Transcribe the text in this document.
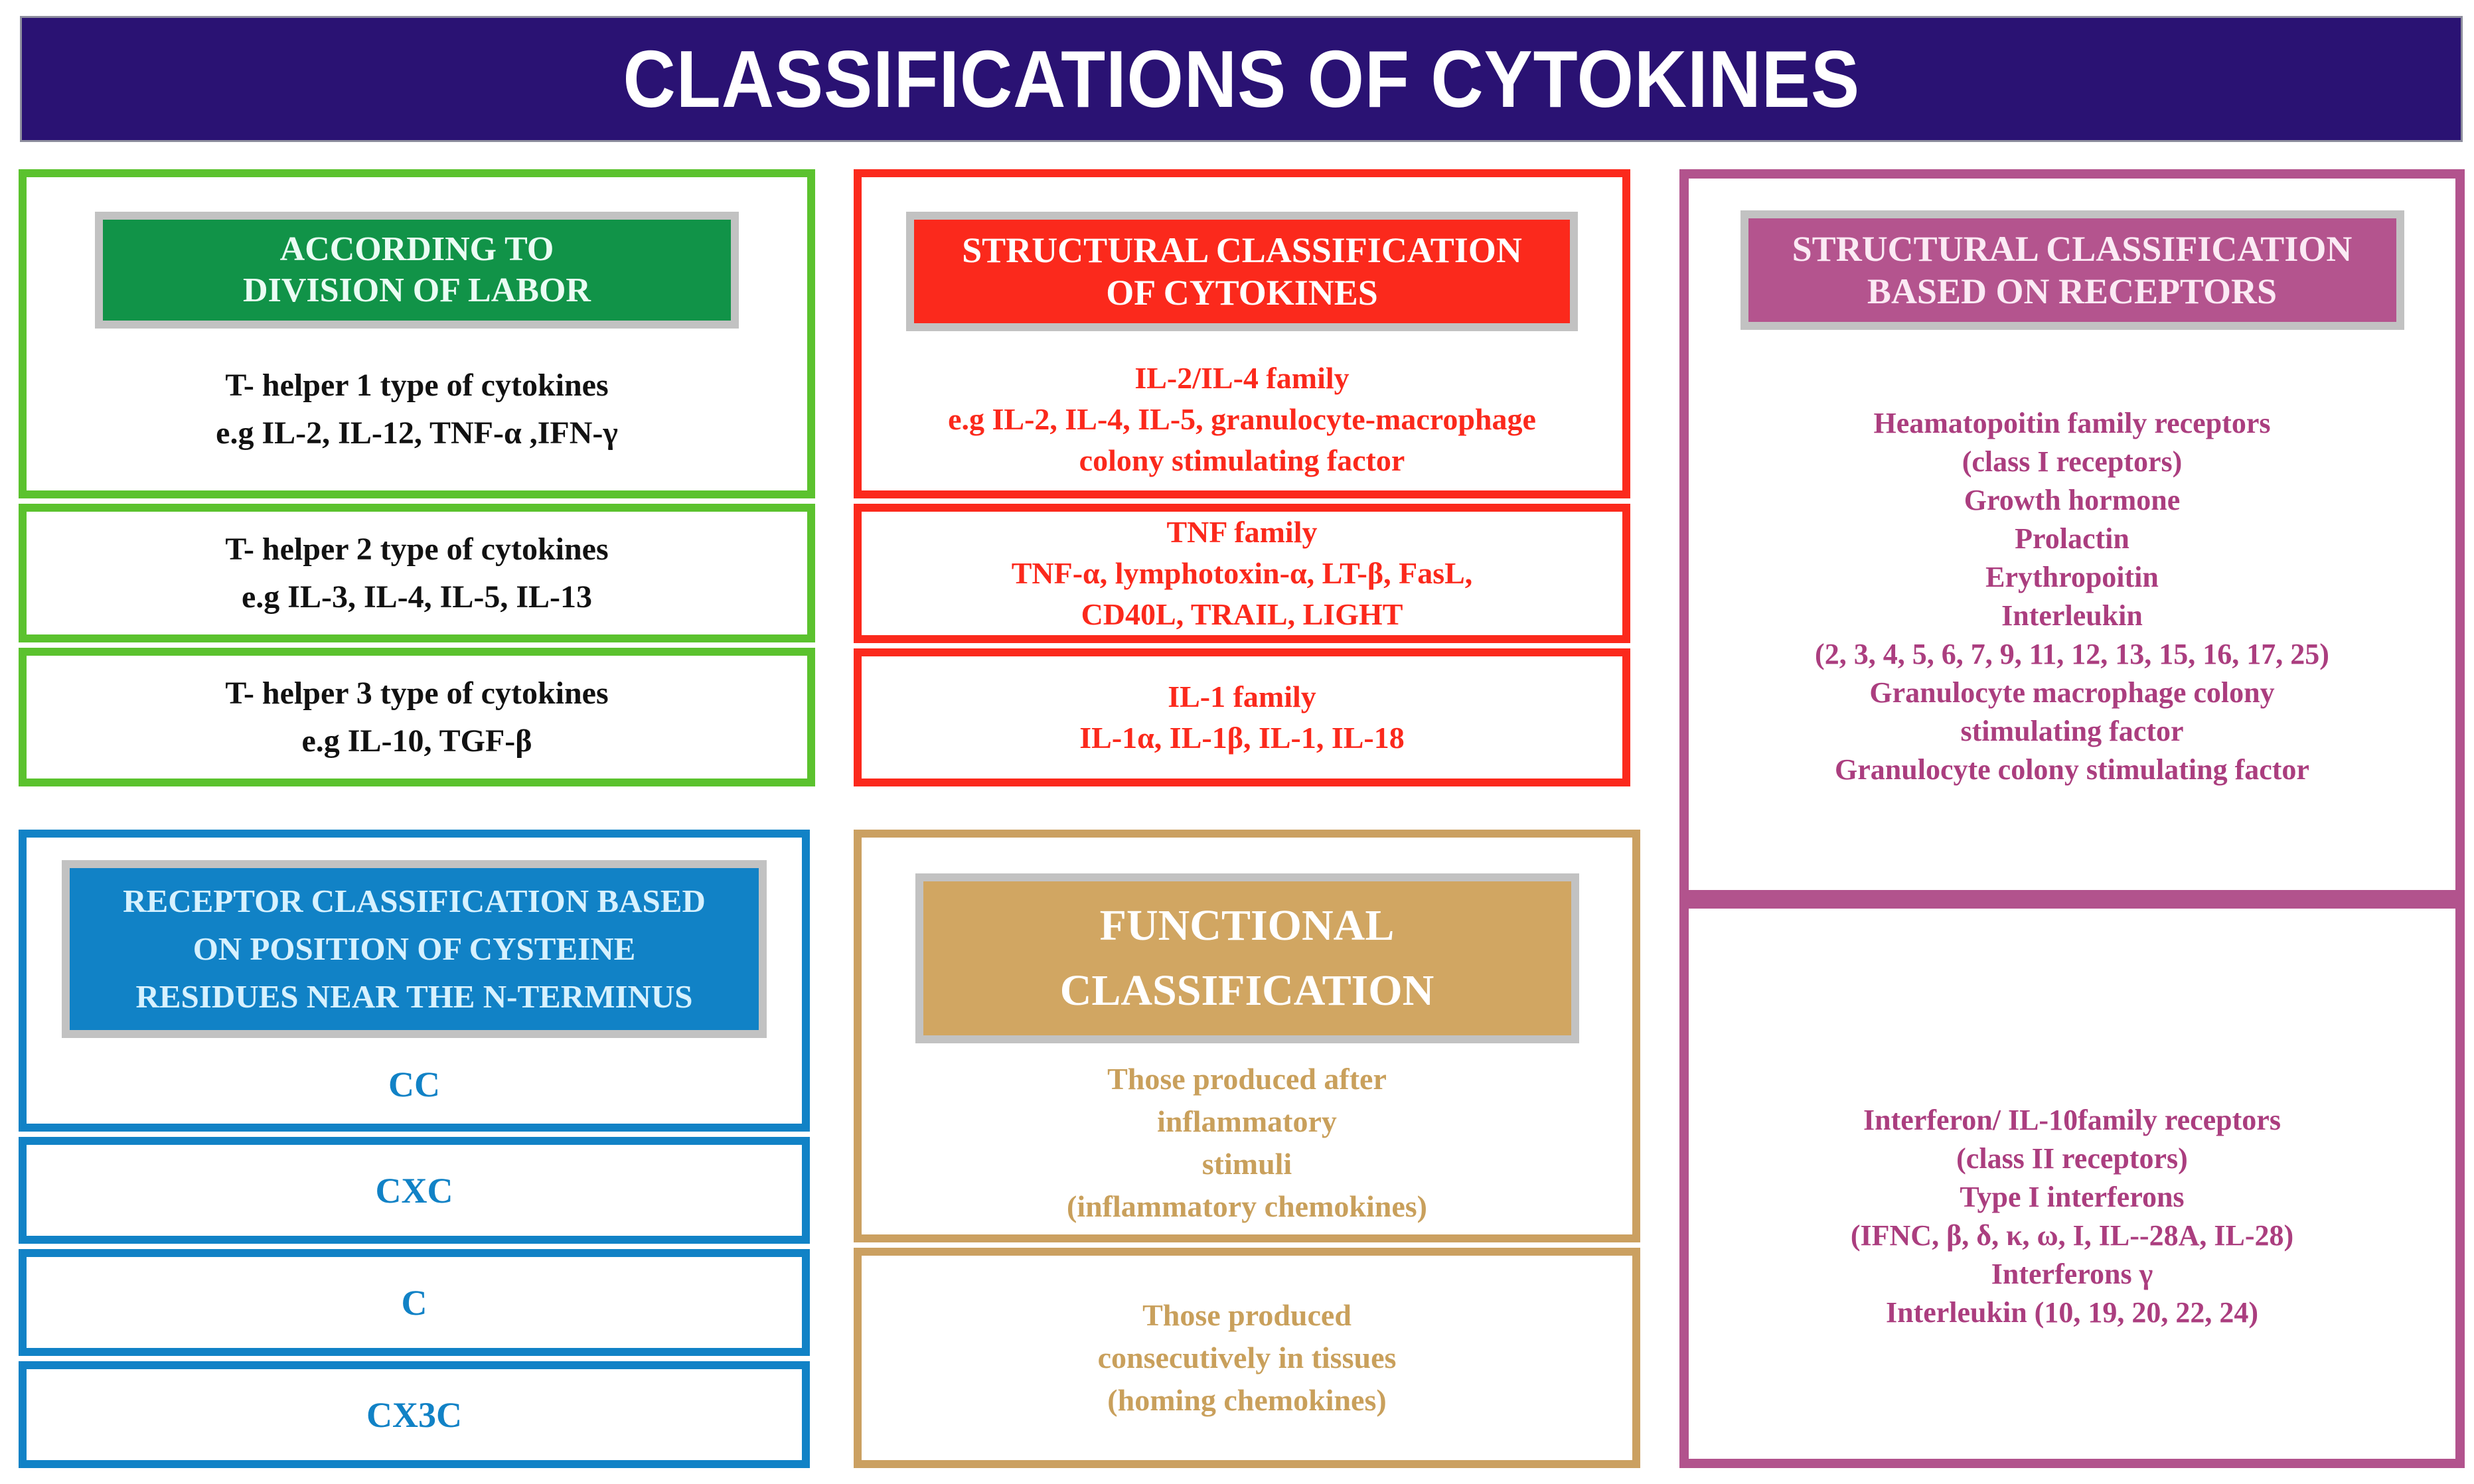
CLASSIFICATIONS OF CYTOKINES
ACCORDING TO
DIVISION OF LABOR
T- helper 1 type of cytokines
e.g IL-2, IL-12, TNF-α ,IFN-γ
T- helper 2 type of cytokines
e.g IL-3, IL-4, IL-5, IL-13
T- helper 3 type of cytokines
e.g IL-10, TGF-β
STRUCTURAL CLASSIFICATION
OF CYTOKINES
IL-2/IL-4 family
e.g IL-2, IL-4, IL-5, granulocyte-macrophage
colony stimulating factor
TNF family
TNF-α, lymphotoxin-α, LT-β, FasL,
CD40L, TRAIL, LIGHT
IL-1 family
IL-1α, IL-1β, IL-1, IL-18
STRUCTURAL CLASSIFICATION
BASED ON RECEPTORS
Heamatopoitin family receptors
(class I receptors)
Growth hormone
Prolactin
Erythropoitin
Interleukin
(2, 3, 4, 5, 6, 7, 9, 11, 12, 13, 15, 16, 17, 25)
Granulocyte macrophage colony
stimulating factor
Granulocyte colony stimulating factor
Interferon/ IL-10family receptors
(class II receptors)
Type I interferons
(IFNC, β, δ, κ, ω, I, IL--28A, IL-28)
Interferons γ
Interleukin (10, 19, 20, 22, 24)
RECEPTOR CLASSIFICATION BASED
ON POSITION OF CYSTEINE
RESIDUES NEAR THE N-TERMINUS
CC
CXC
C
CX3C
FUNCTIONAL
CLASSIFICATION
Those produced after
inflammatory
stimuli
(inflammatory chemokines)
Those produced
consecutively in tissues
(homing chemokines)
